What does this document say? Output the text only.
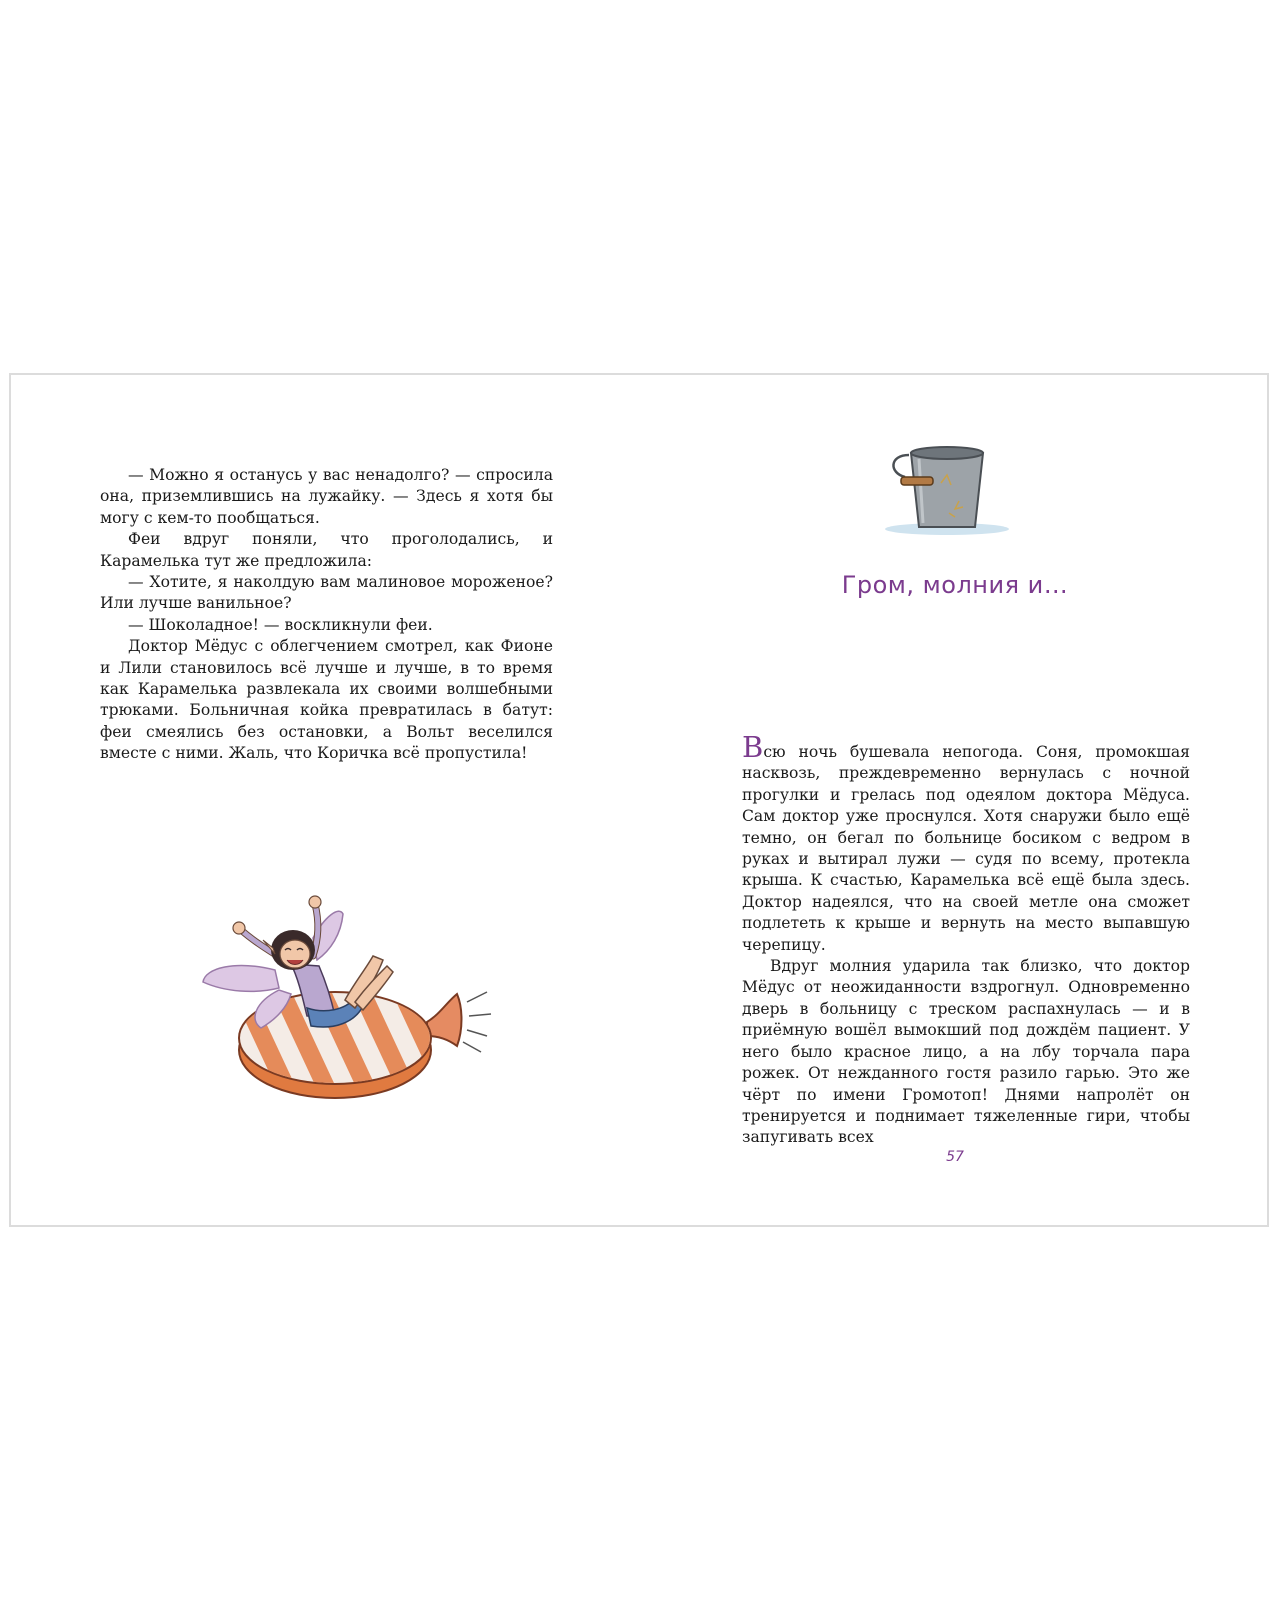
— Можно я останусь у вас ненадолго? — спросила она, приземлившись на лужайку. — Здесь я хотя бы могу с кем-то пообщаться.

Феи вдруг поняли, что проголодались, и Карамелька тут же предложила:

— Хотите, я наколдую вам малиновое мороженое? Или лучше ванильное?

— Шоколадное! — воскликнули феи.

Доктор Мёдус с облегчением смотрел, как Фионе и Лили становилось всё лучше и лучше, в то время как Карамелька развлекала их своими волшебными трюками. Больничная койка превратилась в батут: феи смеялись без остановки, а Вольт веселился вместе с ними. Жаль, что Коричка всё пропустила!

Гром, молния и…

Всю ночь бушевала непогода. Соня, промокшая насквозь, преждевременно вернулась с ночной прогулки и грелась под одеялом доктора Мёдуса. Сам доктор уже проснулся. Хотя снаружи было ещё темно, он бегал по больнице босиком с ведром в руках и вытирал лужи — судя по всему, протекла крыша. К счастью, Карамелька всё ещё была здесь. Доктор надеялся, что на своей метле она сможет подлететь к крыше и вернуть на место выпавшую черепицу.

Вдруг молния ударила так близко, что доктор Мёдус от неожиданности вздрогнул. Одновременно дверь в больницу с треском распахнулась — и в приёмную вошёл вымокший под дождём пациент. У него было красное лицо, а на лбу торчала пара рожек. От нежданного гостя разило гарью. Это же чёрт по имени Громотоп! Днями напролёт он тренируется и поднимает тяжеленные гири, чтобы запугивать всех

57
